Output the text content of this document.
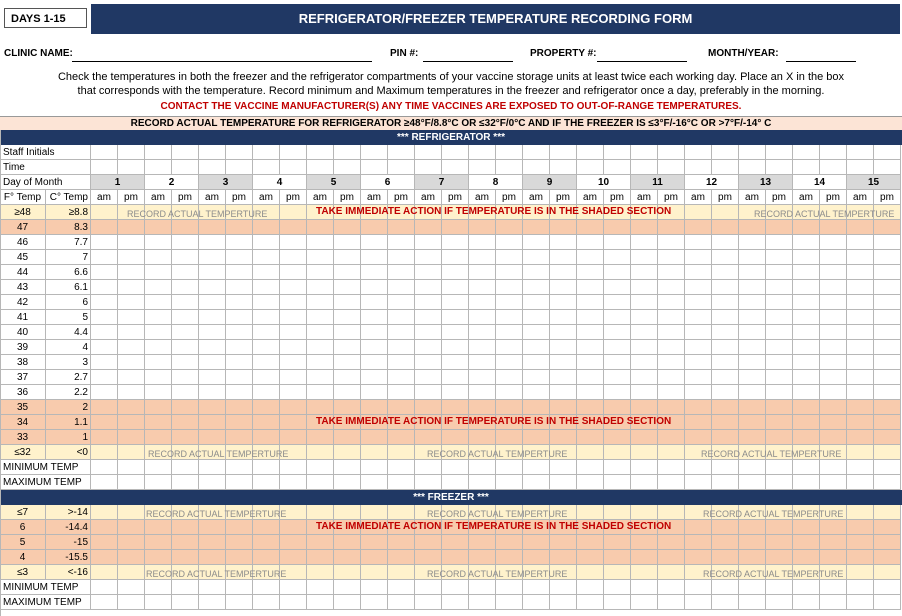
DAYS 1-15	REFRIGERATOR/FREEZER TEMPERATURE RECORDING FORM
CLINIC NAME:	PIN #:	PROPERTY #:	MONTH/YEAR:
Check the temperatures in both the freezer and the refrigerator compartments of your vaccine storage units at least twice each working day. Place an X in the box
that corresponds with the temperature. Record minimum and Maximum temperatures in the freezer and refrigerator once a day, preferably in the morning.
CONTACT THE VACCINE MANUFACTURER(S) ANY TIME VACCINES ARE EXPOSED TO OUT-OF-RANGE TEMPERATURES.
RECORD ACTUAL TEMPERATURE FOR REFRIGERATOR ≥48°F/8.8°C OR ≤32°F/0°C AND IF THE FREEZER IS ≤3°F/-16°C OR >7°F/-14° C
*** REFRIGERATOR ***
Staff Initials
Time
Day of Month	1	2	3	4	5	6	7	8	9	10	11	12	13	14	15
F° Temp C° Temp am	pm	am	pm	am	pm	am	pm	am	pm	am	pm	am	pm	am	pm	am	pm	am	pm	am	pm	am	pm	am	pm	am	pm	am	pm
≥48	≥8.8
47	8.3
46	7.7
45	7
44	6.6
43	6.1
42	6
41	5
40	4.4
39	4
38	3
37	2.7
36	2.2
35	2
34	1.1
33	1
≤32	<0
MINIMUM TEMP
MAXIMUM TEMP
RECORD ACTUAL TEMPERTURE	RECORD ACTUAL TEMPERTURE
TAKE IMMEDIATE ACTION IF TEMPERATURE IS IN THE SHADED SECTION
TAKE IMMEDIATE ACTION IF TEMPERATURE IS IN THE SHADED SECTION
RECORD ACTUAL TEMPERTURE	RECORD ACTUAL TEMPERTURE	RECORD ACTUAL TEMPERTURE
*** FREEZER ***
≤7	>-14
6	-14.4
5	-15
4	-15.5
≤3	<-16
MINIMUM TEMP
MAXIMUM TEMP
RECORD ACTUAL TEMPERTURE	RECORD ACTUAL TEMPERTURE	RECORD ACTUAL TEMPERTURE
TAKE IMMEDIATE ACTION IF TEMPERATURE IS IN THE SHADED SECTION
RECORD ACTUAL TEMPERTURE	RECORD ACTUAL TEMPERTURE	RECORD ACTUAL TEMPERTURE
